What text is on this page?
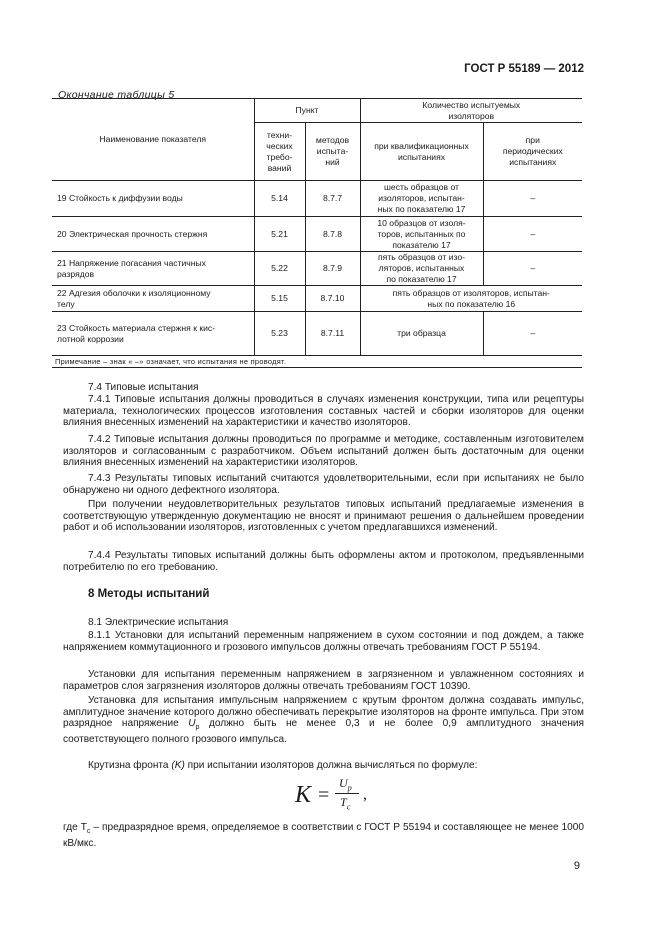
ГОСТ Р 55189 — 2012
Окончание таблицы 5
Наименование показателя	Пункт		Количество испытуемых
изоляторов	
	техни-
ческих
требо-
ваний	методов
испыта-
ний	при квалификационных
испытаниях	при
периодических
испытаниях
19 Стойкость к диффузии воды	5.14	8.7.7	шесть образцов от
изоляторов, испытан-
ных по показателю 17	–
20 Электрическая прочность стержня	5.21	8.7.8	10 образцов от изоля-
торов, испытанных по
показателю 17	–
21 Напряжение погасания частичных
разрядов	5.22	8.7.9	пять образцов от изо-
ляторов, испытанных
по показателю 17	–
22 Адгезия оболочки к изоляционному
телу	5.15	8.7.10	пять образцов от изоляторов, испытан-
ных по показателю 16	
23 Стойкость материала стержня к кис-
лотной коррозии	5.23	8.7.11	три образца	–
Примечание – знак « –» означает, что испытания не проводят.				
7.4 Типовые испытания
7.4.1 Типовые испытания должны проводиться в случаях изменения конструкции, типа или рецептуры материала, технологических процессов изготовления составных частей и сборки изоляторов для оценки влияния внесенных изменений на характеристики и качество изоляторов.
7.4.2 Типовые испытания должны проводиться по программе и методике, составленным изготовителем изоляторов и согласованным с разработчиком. Объем испытаний должен быть достаточным для оценки влияния внесенных изменений на характеристики изоляторов.
7.4.3 Результаты типовых испытаний считаются удовлетворительными, если при испытаниях не было обнаружено ни одного дефектного изолятора.
При получении неудовлетворительных результатов типовых испытаний предлагаемые изменения в соответствующую утвержденную документацию не вносят и принимают решения о дальнейшем проведении работ и об использовании изоляторов, изготовленных с учетом предлагавшихся изменений.
7.4.4 Результаты типовых испытаний должны быть оформлены актом и протоколом, предъявленными потребителю по его требованию.
8 Методы испытаний
8.1 Электрические испытания
8.1.1 Установки для испытаний переменным напряжением в сухом состоянии и под дождем, а также напряжением коммутационного и грозового импульсов должны отвечать требованиям ГОСТ Р 55194.
Установки для испытания переменным напряжением в загрязненном и увлажненном состояниях и параметров слоя загрязнения изоляторов должны отвечать требованиям ГОСТ 10390.
Установка для испытания импульсным напряжением с крутым фронтом должна создавать импульс, амплитудное значение которого должно обеспечивать перекрытие изоляторов на фронте импульса. При этом разрядное напряжение $U_р$ должно быть не менее 0,3 и не более 0,9 амплитудного значения соответствующего полного грозового импульса.
Крутизна фронта (K) при испытании изоляторов должна вычисляться по формуле:
K =
$U_p$
$T_c$
,
где $T_с$ – предразрядное время, определяемое в соответствии с ГОСТ Р 55194 и составляющее не менее 1000 кВ/мкс.
9
